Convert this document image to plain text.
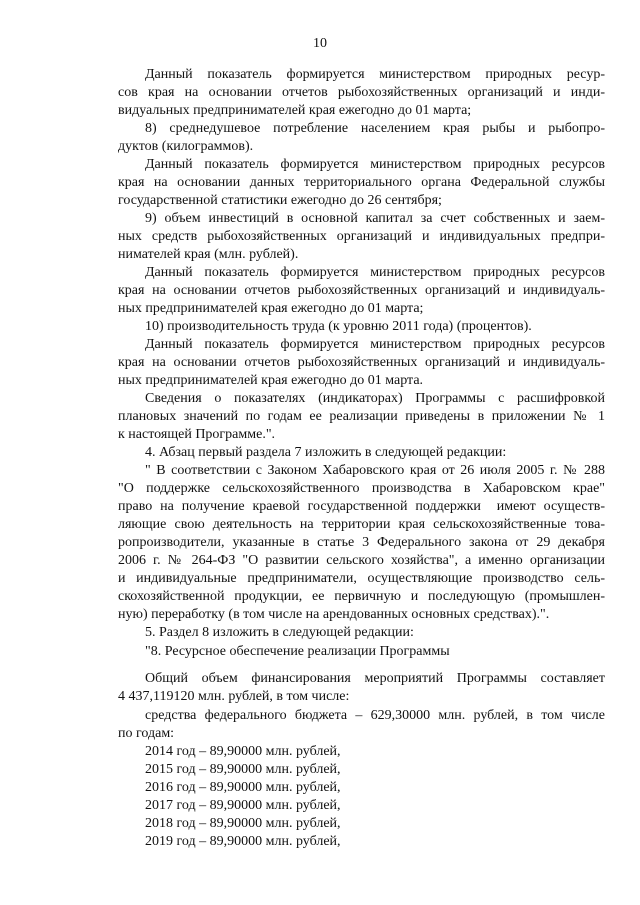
10
Данный показатель формируется министерством природных ресур-
сов края на основании отчетов рыбохозяйственных организаций и инди-
видуальных предпринимателей края ежегодно до 01 марта;
8) среднедушевое потребление населением края рыбы и рыбопро-
дуктов (килограммов).
Данный показатель формируется министерством природных ресурсов
края на основании данных территориального органа Федеральной службы
государственной статистики ежегодно до 26 сентября;
9) объем инвестиций в основной капитал за счет собственных и заем-
ных средств рыбохозяйственных организаций и индивидуальных предпри-
нимателей края (млн. рублей).
Данный показатель формируется министерством природных ресурсов
края на основании отчетов рыбохозяйственных организаций и индивидуаль-
ных предпринимателей края ежегодно до 01 марта;
10) производительность труда (к уровню 2011 года) (процентов).
Данный показатель формируется министерством природных ресурсов
края на основании отчетов рыбохозяйственных организаций и индивидуаль-
ных предпринимателей края ежегодно до 01 марта.
Сведения о показателях (индикаторах) Программы с расшифровкой
плановых значений по годам ее реализации приведены в приложении № 1
к настоящей Программе.".
4. Абзац первый раздела 7 изложить в следующей редакции:
" В соответствии с Законом Хабаровского края от 26 июля 2005 г. № 288
"О поддержке сельскохозяйственного производства в Хабаровском крае"
право на получение краевой государственной поддержки  имеют осуществ-
ляющие свою деятельность на территории края сельскохозяйственные това-
ропроизводители, указанные в статье 3 Федерального закона от 29 декабря
2006 г. № 264-ФЗ "О развитии сельского хозяйства", а именно организации
и индивидуальные предприниматели, осуществляющие производство сель-
скохозяйственной продукции, ее первичную и последующую (промышлен-
ную) переработку (в том числе на арендованных основных средствах).".
5. Раздел 8 изложить в следующей редакции:
"8. Ресурсное обеспечение реализации Программы
Общий объем финансирования мероприятий Программы составляет
4 437,119120 млн. рублей, в том числе:
средства федерального бюджета – 629,30000 млн. рублей, в том числе
по годам:
2014 год – 89,90000 млн. рублей,
2015 год – 89,90000 млн. рублей,
2016 год – 89,90000 млн. рублей,
2017 год – 89,90000 млн. рублей,
2018 год – 89,90000 млн. рублей,
2019 год – 89,90000 млн. рублей,
